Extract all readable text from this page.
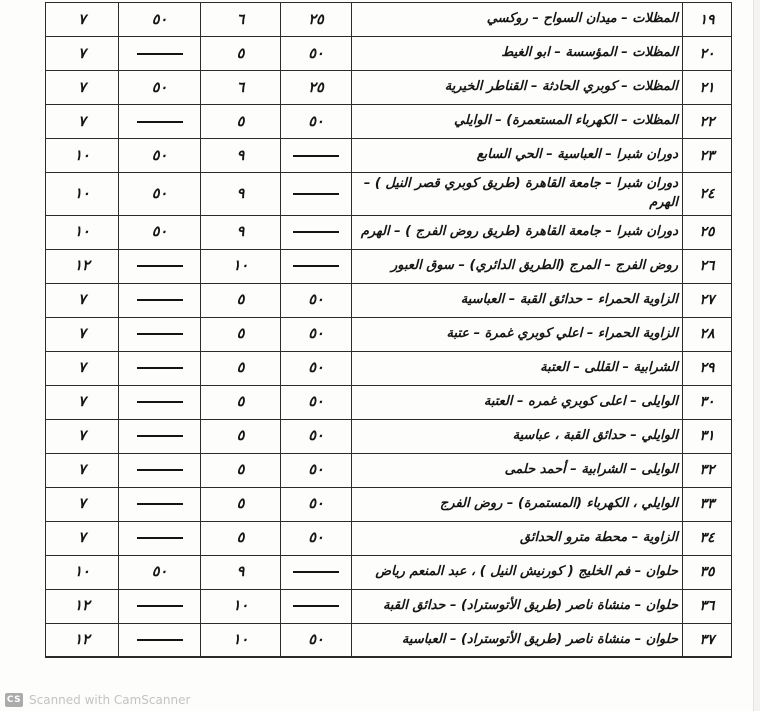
١٩	المظلات – ميدان السواح – روكسي	٢٥	٦	٥٠	٧
٢٠	المظلات – المؤسسة – ابو الغيط	٥٠	٥		٧
٢١	المظلات – كوبري الحادثة – القناطر الخيرية	٢٥	٦	٥٠	٧
٢٢	المظلات – الكهرباء المستعمرة) – الوايلي	٥٠	٥		٧
٢٣	دوران شبرا – العباسية – الحي السابع		٩	٥٠	١٠
٢٤	دوران شبرا – جامعة القاهرة (طريق كوبري قصر النيل ) – الهرم		٩	٥٠	١٠
٢٥	دوران شبرا – جامعة القاهرة (طريق روض الفرج ) – الهرم		٩	٥٠	١٠
٢٦	روض الفرج – المرج (الطريق الدائري) – سوق العبور		١٠		١٢
٢٧	الزاوية الحمراء – حدائق القبة – العباسية	٥٠	٥		٧
٢٨	الزاوية الحمراء – اعلي كوبري غمرة – عتبة	٥٠	٥		٧
٢٩	الشرابية – القللى – العتبة	٥٠	٥		٧
٣٠	الوايلى – اعلى كوبري غمره – العتبة	٥٠	٥		٧
٣١	الوايلي – حدائق القبة ، عباسية	٥٠	٥		٧
٣٢	الوايلى – الشرابية – أحمد حلمى	٥٠	٥		٧
٣٣	الوايلي ، الكهرباء (المستمرة) – روض الفرج	٥٠	٥		٧
٣٤	الزاوية – محطة مترو الحدائق	٥٠	٥		٧
٣٥	حلوان – فم الخليج ( كورنيش النيل ) ، عبد المنعم رياض		٩	٥٠	١٠
٣٦	حلوان – منشاة ناصر (طريق الأتوستراد) – حدائق القبة		١٠		١٢
٣٧	حلوان – منشاة ناصر (طريق الأتوستراد) – العباسية	٥٠	١٠		١٢
CS Scanned with CamScanner
